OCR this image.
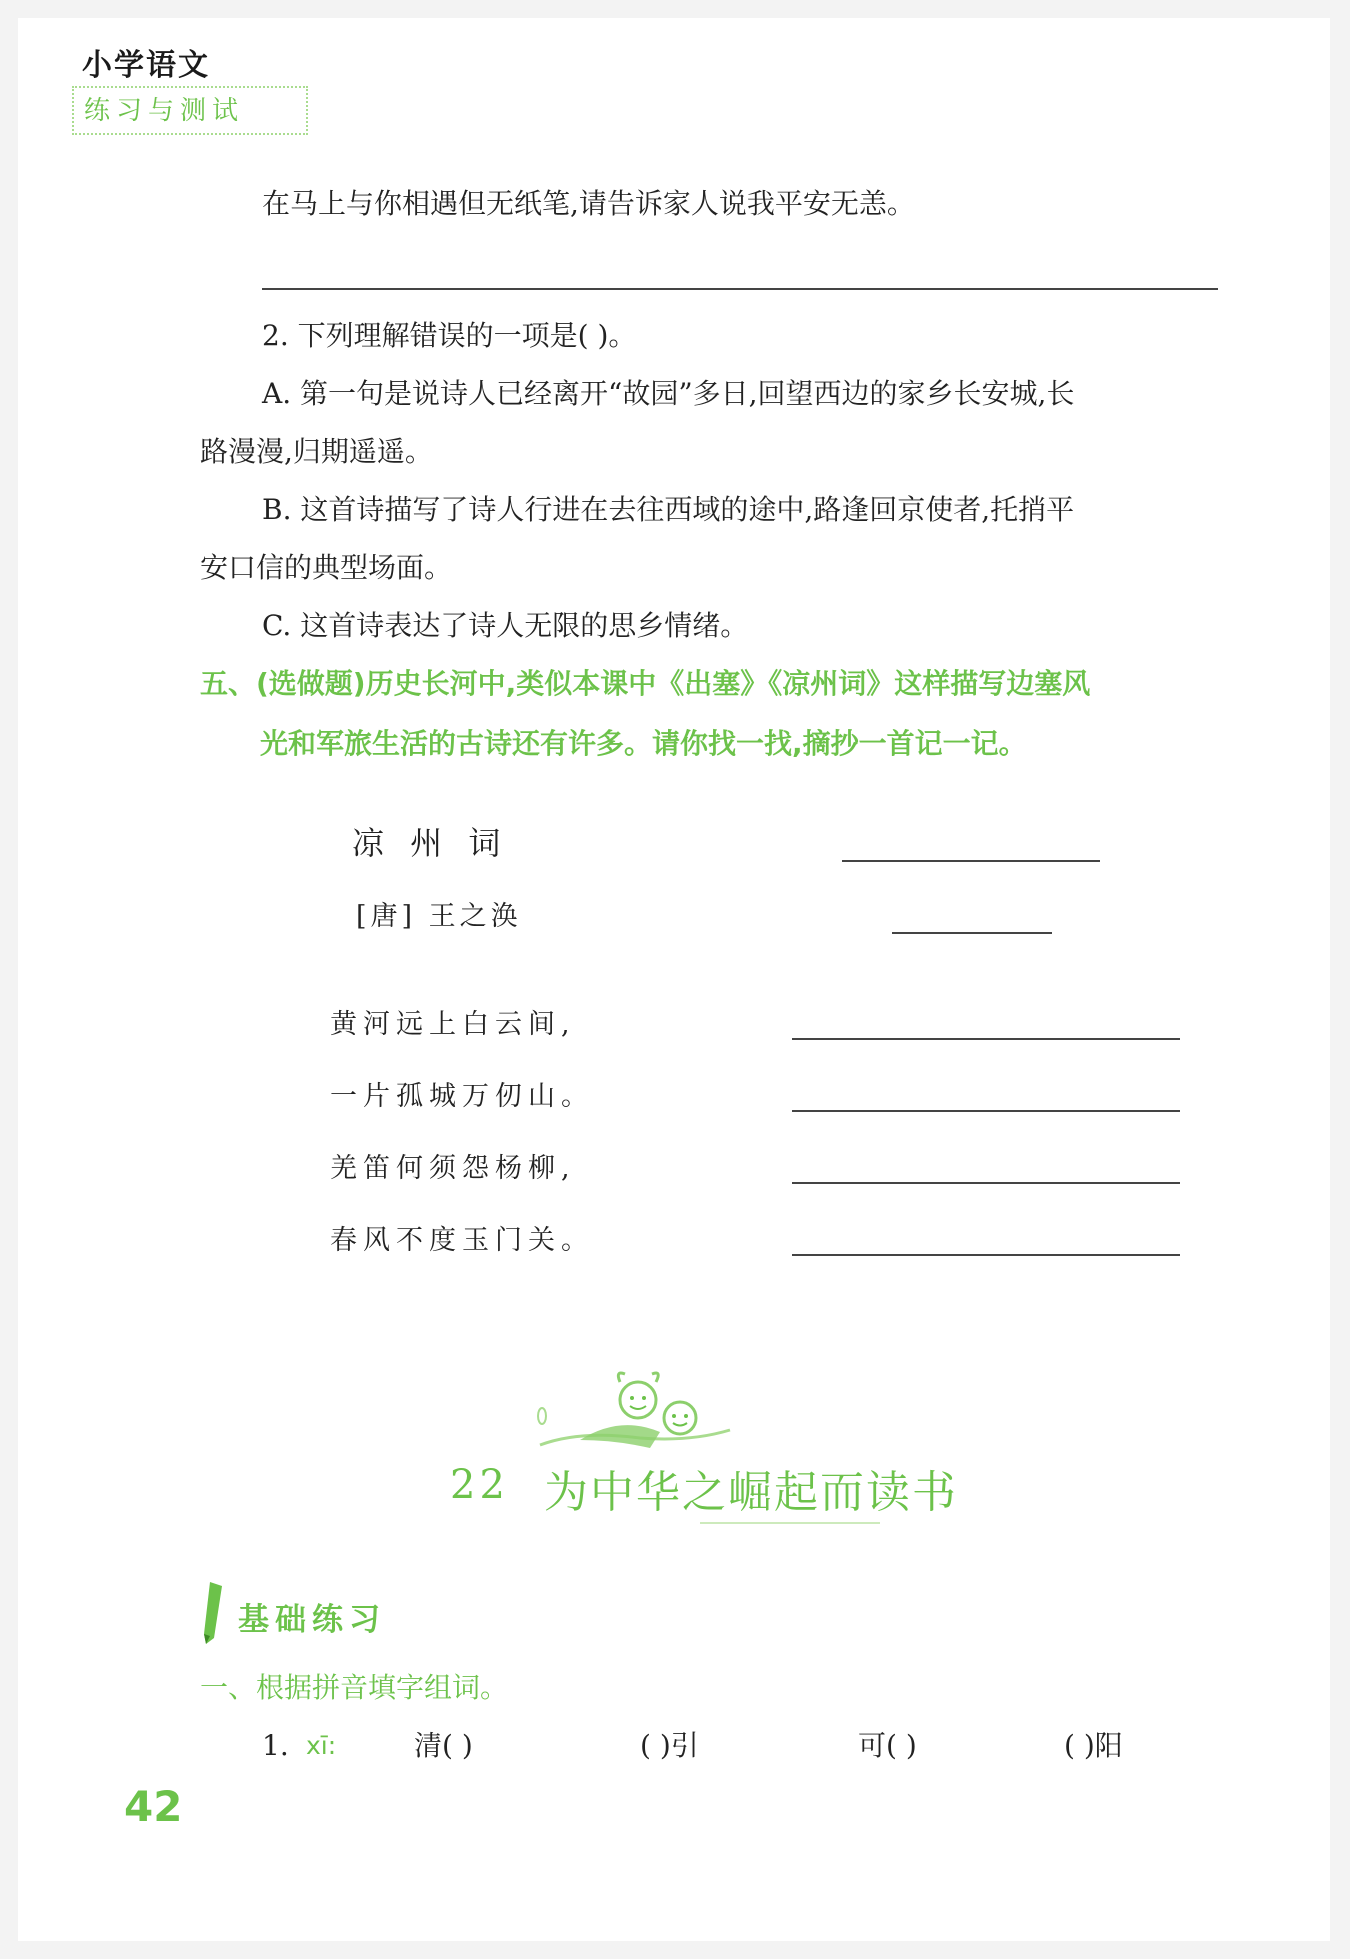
小学语文
练习与测试
在马上与你相遇但无纸笔,请告诉家人说我平安无恙。
2. 下列理解错误的一项是( )。
A. 第一句是说诗人已经离开“故园”多日,回望西边的家乡长安城,长
路漫漫,归期遥遥。
B. 这首诗描写了诗人行进在去往西域的途中,路逢回京使者,托捎平
安口信的典型场面。
C. 这首诗表达了诗人无限的思乡情绪。
五、(选做题)历史长河中,类似本课中《出塞》《凉州词》这样描写边塞风
光和军旅生活的古诗还有许多。请你找一找,摘抄一首记一记。
凉 州 词
[唐] 王之涣
黄河远上白云间,
一片孤城万仞山。
羌笛何须怨杨柳,
春风不度玉门关。
22 为中华之崛起而读书
基础练习
一、根据拼音填字组词。
1. xī:	清( )	( )引	可( )	( )阳
42
